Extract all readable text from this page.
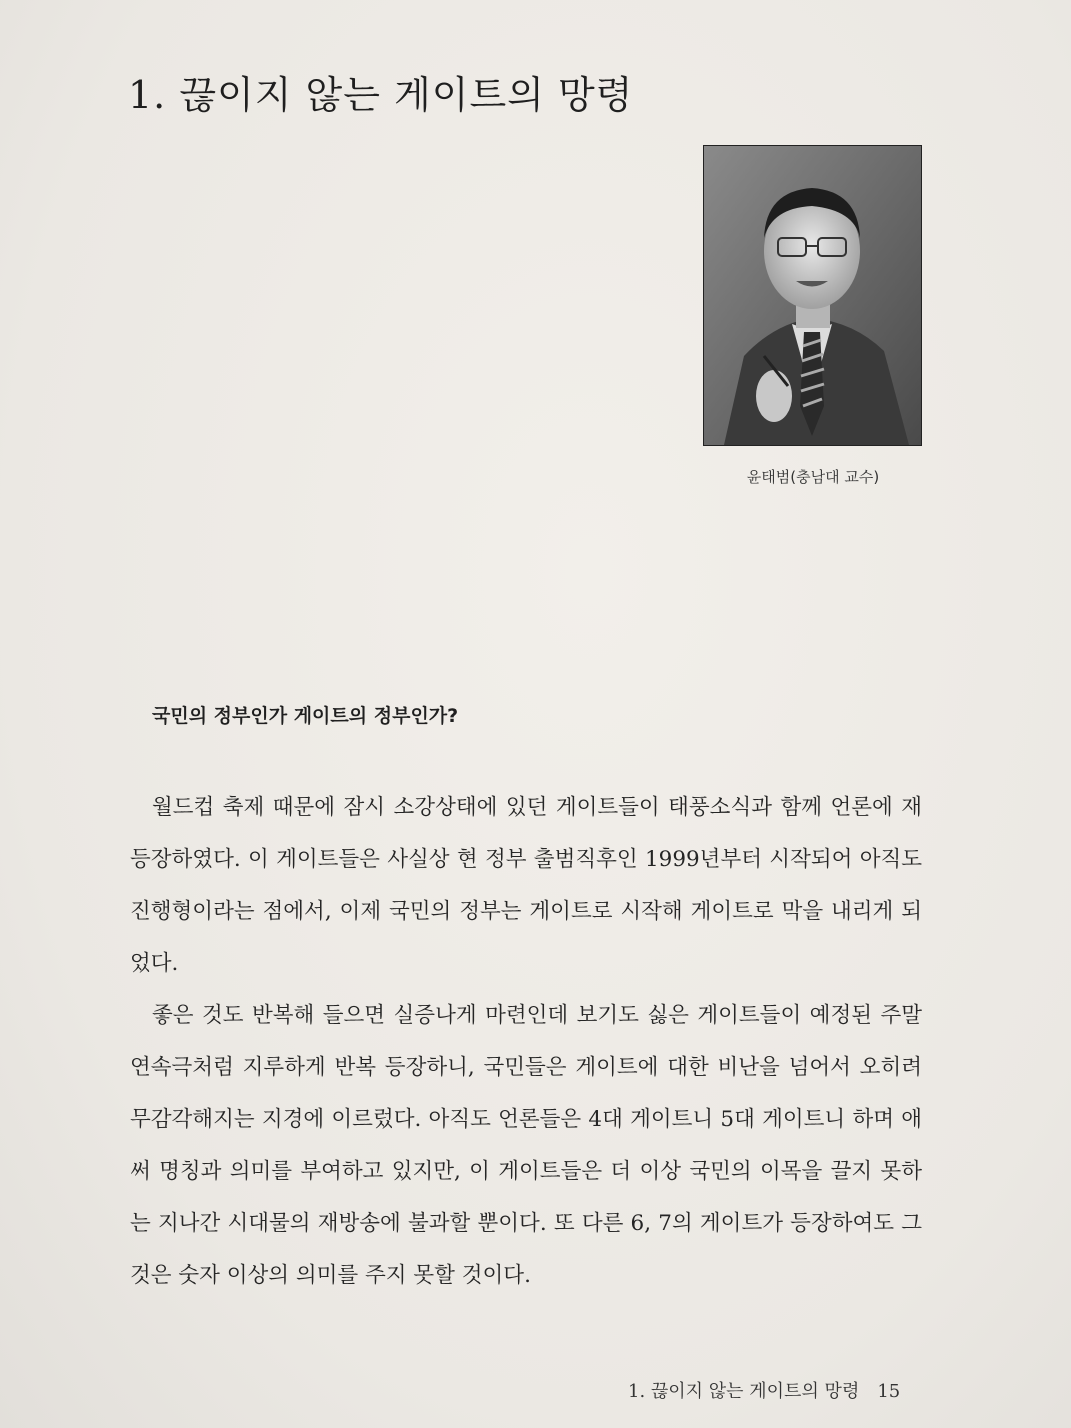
1. 끊이지 않는 게이트의 망령
윤태범(충남대 교수)
국민의 정부인가 게이트의 정부인가?

월드컵 축제 때문에 잠시 소강상태에 있던 게이트들이 태풍소식과 함께 언론에 재등장하였다. 이 게이트들은 사실상 현 정부 출범직후인 1999년부터 시작되어 아직도 진행형이라는 점에서, 이제 국민의 정부는 게이트로 시작해 게이트로 막을 내리게 되었다.

좋은 것도 반복해 들으면 실증나게 마련인데 보기도 싫은 게이트들이 예정된 주말 연속극처럼 지루하게 반복 등장하니, 국민들은 게이트에 대한 비난을 넘어서 오히려 무감각해지는 지경에 이르렀다. 아직도 언론들은 4대 게이트니 5대 게이트니 하며 애써 명칭과 의미를 부여하고 있지만, 이 게이트들은 더 이상 국민의 이목을 끌지 못하는 지나간 시대물의 재방송에 불과할 뿐이다. 또 다른 6, 7의 게이트가 등장하여도 그것은 숫자 이상의 의미를 주지 못할 것이다.

1. 끊이지 않는 게이트의 망령 15
